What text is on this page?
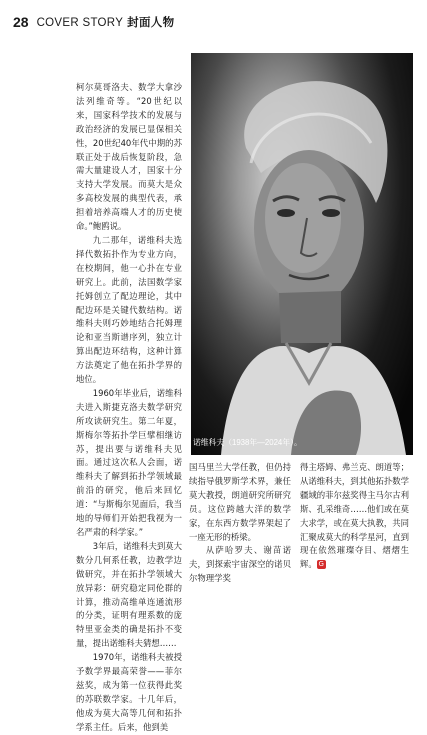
28 COVER STORY 封面人物

柯尔莫哥洛夫、数学大拿沙法列维奇等。“20世纪以来，国家科学技术的发展与政治经济的发展已显保相关性，20世纪40年代中期的苏联正处于战后恢复阶段，急需大量建设人才，国家十分支持大学发展。而莫大是众多高校发展的典型代表，承担着培养高端人才的历史使命。”鲍鸥说。

九二那年，诺维科夫选择代数拓扑作为专业方向，在校期间，他一心扑在专业研究上。此前，法国数学家托姆创立了配边理论，其中配边环是关键代数结构。诺维科夫则巧妙地结合托姆理论和亚当斯谱序列，独立计算出配边环结构，这种计算方法奠定了他在拓扑学界的地位。

1960年毕业后，诺维科夫进入斯捷克洛夫数学研究所攻读研究生。第二年夏，斯梅尔等拓扑学巨擘相继访苏，提出要与诺维科夫见面。通过这次私人会面，诺维科夫了解到拓扑学领域最前沿的研究，他后来回忆道：“与斯梅尔见面后，我当地的导师们开始把我视为一名严肃的科学家。”

3年后，诺维科夫到莫大数分几何系任教，边教学边做研究，并在拓扑学领域大放异彩：研究稳定同伦群的计算，推动高维单连通流形的分类，证明有理系数的庞特里亚金类的确是拓扑不变量，提出诺维科夫猜想……

1970年，诺维科夫被授予数学界最高荣誉——菲尔兹奖，成为第一位获得此奖的苏联数学家。十几年后，他成为莫大高等几何和拓扑学系主任。后来，他到美

诺维科夫（1938年—2024年）。

国马里兰大学任教，但仍持续指导俄罗斯学术界，兼任莫大教授，朗道研究所研究员。这位跨越大洋的数学家，在东西方数学界架起了一座无形的桥梁。

从萨哈罗夫、谢苗诺夫，到探索宇宙深空的诺贝尔物理学奖

得主塔姆、弗兰克、朗道等；从诺维科夫，到其他拓扑数学疆域的菲尔兹奖得主马尔古利斯、孔采维奇……他们或在莫大求学，或在莫大执教，共同汇聚成莫大的科学星河，直到现在依然璀璨夺目、熠熠生辉。 G
